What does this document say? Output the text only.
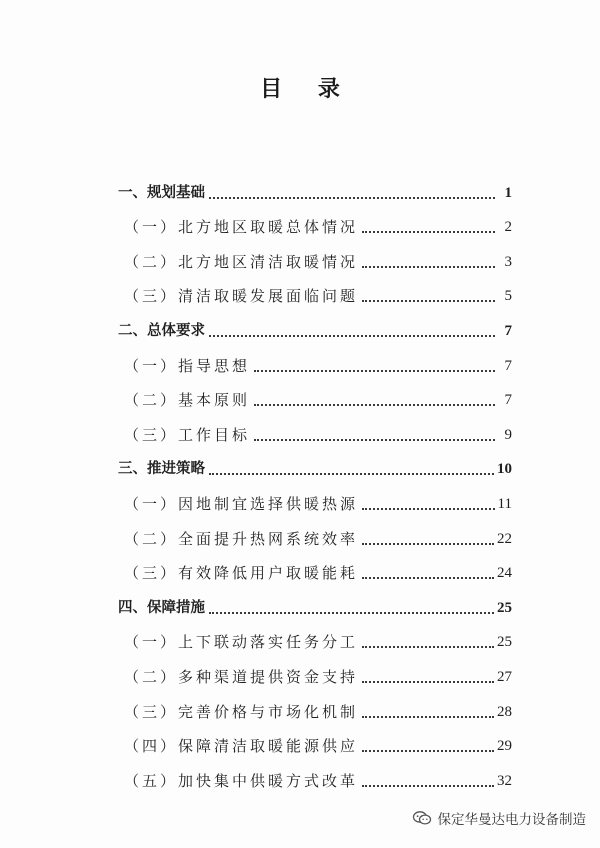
目 录
一、规划基础	1
（一）北方地区取暖总体情况	2
（二）北方地区清洁取暖情况	3
（三）清洁取暖发展面临问题	5
二、总体要求	7
（一）指导思想	7
（二）基本原则	7
（三）工作目标	9
三、推进策略	10
（一）因地制宜选择供暖热源	11
（二）全面提升热网系统效率	22
（三）有效降低用户取暖能耗	24
四、保障措施	25
（一）上下联动落实任务分工	25
（二）多种渠道提供资金支持	27
（三）完善价格与市场化机制	28
（四）保障清洁取暖能源供应	29
（五）加快集中供暖方式改革	32
保定华曼达电力设备制造
